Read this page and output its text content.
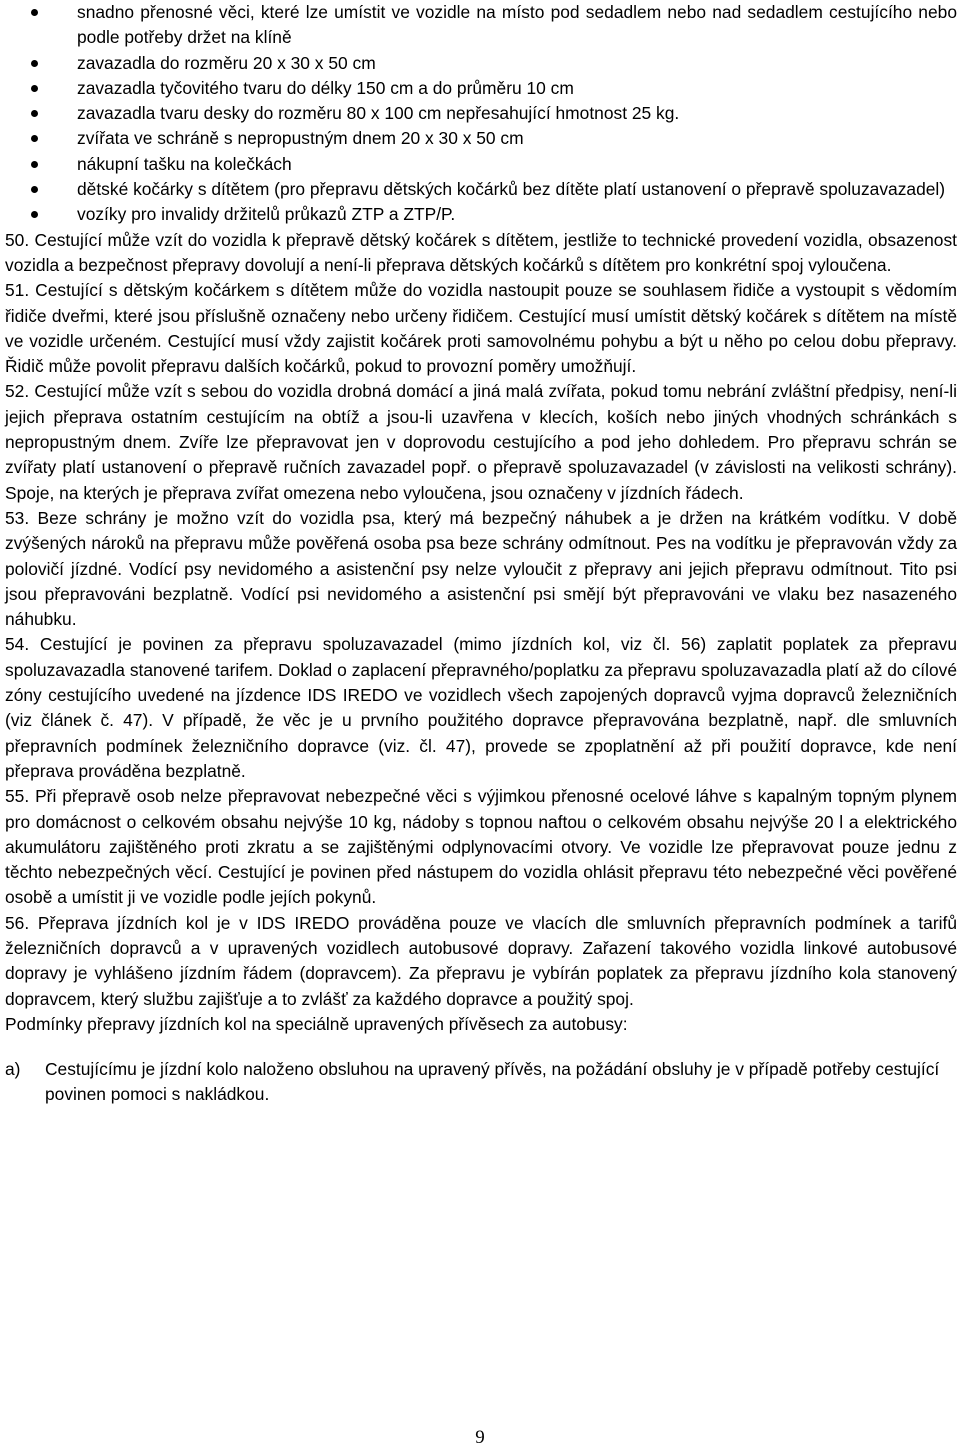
snadno přenosné věci, které lze umístit ve vozidle na místo pod sedadlem nebo nad sedadlem cestujícího nebo podle potřeby držet na klíně
zavazadla do rozměru 20 x 30 x 50 cm
zavazadla tyčovitého tvaru do délky 150 cm a do průměru 10 cm
zavazadla tvaru desky do rozměru 80 x 100 cm nepřesahující hmotnost 25 kg.
zvířata ve schráně s nepropustným dnem 20 x 30 x 50 cm
nákupní tašku na kolečkách
dětské kočárky s dítětem (pro přepravu dětských kočárků bez dítěte platí ustanovení o přepravě spoluzavazadel)
vozíky pro invalidy držitelů průkazů ZTP a ZTP/P.

50. Cestující může vzít do vozidla k přepravě dětský kočárek s dítětem, jestliže to technické provedení vozidla, obsazenost vozidla a bezpečnost přepravy dovolují a není-li přeprava dětských kočárků s dítětem pro konkrétní spoj vyloučena.

51. Cestující s dětským kočárkem s dítětem může do vozidla nastoupit pouze se souhlasem řidiče a vystoupit s vědomím řidiče dveřmi, které jsou příslušně označeny nebo určeny řidičem. Cestující musí umístit dětský kočárek s dítětem na místě ve vozidle určeném. Cestující musí vždy zajistit kočárek proti samovolnému pohybu a být u něho po celou dobu přepravy. Řidič může povolit přepravu dalších kočárků, pokud to provozní poměry umožňují.

52. Cestující může vzít s sebou do vozidla drobná domácí a jiná malá zvířata, pokud tomu nebrání zvláštní předpisy, není-li jejich přeprava ostatním cestujícím na obtíž a jsou-li uzavřena v klecích, koších nebo jiných vhodných schránkách s nepropustným dnem. Zvíře lze přepravovat jen v doprovodu cestujícího a pod jeho dohledem. Pro přepravu schrán se zvířaty platí ustanovení o přepravě ručních zavazadel popř. o přepravě spoluzavazadel (v závislosti na velikosti schrány). Spoje, na kterých je přeprava zvířat omezena nebo vyloučena, jsou označeny v jízdních řádech.

53. Beze schrány je možno vzít do vozidla psa, který má bezpečný náhubek a je držen na krátkém vodítku. V době zvýšených nároků na přepravu může pověřená osoba psa beze schrány odmítnout. Pes na vodítku je přepravován vždy za polovičí jízdné. Vodící psy nevidomého a asistenční psy nelze vyloučit z přepravy ani jejich přepravu odmítnout. Tito psi jsou přepravováni bezplatně. Vodící psi nevidomého a asistenční psi smějí být přepravováni ve vlaku bez nasazeného náhubku.

54. Cestující je povinen za přepravu spoluzavazadel (mimo jízdních kol, viz čl. 56) zaplatit poplatek za přepravu spoluzavazadla stanovené tarifem. Doklad o zaplacení přepravného/poplatku za přepravu spoluzavazadla platí až do cílové zóny cestujícího uvedené na jízdence IDS IREDO ve vozidlech všech zapojených dopravců vyjma dopravců železničních (viz článek č. 47). V případě, že věc je u prvního použitého dopravce přepravována bezplatně, např. dle smluvních přepravních podmínek železničního dopravce (viz. čl. 47), provede se zpoplatnění až při použití dopravce, kde není přeprava prováděna bezplatně.

55. Při přepravě osob nelze přepravovat nebezpečné věci s výjimkou přenosné ocelové láhve s kapalným topným plynem pro domácnost o celkovém obsahu nejvýše 10 kg, nádoby s topnou naftou o celkovém obsahu nejvýše 20 l a elektrického akumulátoru zajištěného proti zkratu a se zajištěnými odplynovacími otvory. Ve vozidle lze přepravovat pouze jednu z těchto nebezpečných věcí. Cestující je povinen před nástupem do vozidla ohlásit přepravu této nebezpečné věci pověřené osobě a umístit ji ve vozidle podle jejích pokynů.

56. Přeprava jízdních kol je v IDS IREDO prováděna pouze ve vlacích dle smluvních přepravních podmínek a tarifů železničních dopravců a v upravených vozidlech autobusové dopravy. Zařazení takového vozidla linkové autobusové dopravy je vyhlášeno jízdním řádem (dopravcem). Za přepravu je vybírán poplatek za přepravu jízdního kola stanovený dopravcem, který službu zajišťuje a to zvlášť za každého dopravce a použitý spoj.

Podmínky přepravy jízdních kol na speciálně upravených přívěsech za autobusy:

a)	Cestujícímu je jízdní kolo naloženo obsluhou na upravený přívěs, na požádání obsluhy je v případě potřeby cestující povinen pomoci s nakládkou.
9
